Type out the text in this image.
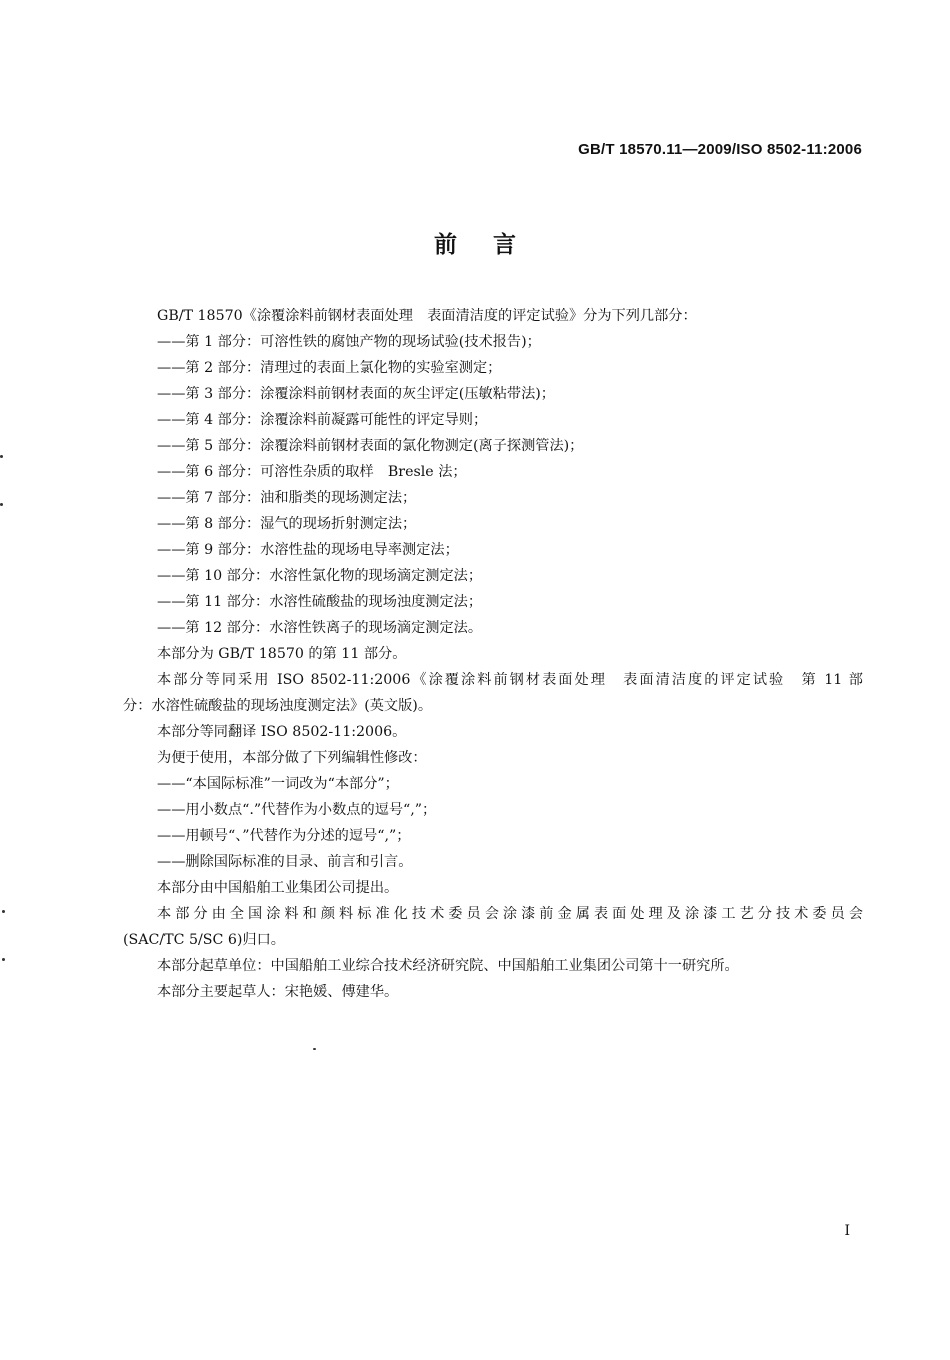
GB/T 18570.11—2009/ISO 8502-11:2006
前言

GB/T 18570《涂覆涂料前钢材表面处理　表面清洁度的评定试验》分为下列几部分：

——第 1 部分：可溶性铁的腐蚀产物的现场试验(技术报告)；

——第 2 部分：清理过的表面上氯化物的实验室测定；

——第 3 部分：涂覆涂料前钢材表面的灰尘评定(压敏粘带法)；

——第 4 部分：涂覆涂料前凝露可能性的评定导则；

——第 5 部分：涂覆涂料前钢材表面的氯化物测定(离子探测管法)；

——第 6 部分：可溶性杂质的取样　Bresle 法；

——第 7 部分：油和脂类的现场测定法；

——第 8 部分：湿气的现场折射测定法；

——第 9 部分：水溶性盐的现场电导率测定法；

——第 10 部分：水溶性氯化物的现场滴定测定法；

——第 11 部分：水溶性硫酸盐的现场浊度测定法；

——第 12 部分：水溶性铁离子的现场滴定测定法。

本部分为 GB/T 18570 的第 11 部分。

本部分等同采用 ISO 8502-11:2006《涂覆涂料前钢材表面处理　表面清洁度的评定试验　第 11 部

分：水溶性硫酸盐的现场浊度测定法》(英文版)。

本部分等同翻译 ISO 8502-11:2006。

为便于使用，本部分做了下列编辑性修改：

——“本国际标准”一词改为“本部分”；

——用小数点“.”代替作为小数点的逗号“,”；

——用顿号“、”代替作为分述的逗号“,”；

——删除国际标准的目录、前言和引言。

本部分由中国船舶工业集团公司提出。

本部分由全国涂料和颜料标准化技术委员会涂漆前金属表面处理及涂漆工艺分技术委员会

(SAC/TC 5/SC 6)归口。

本部分起草单位：中国船舶工业综合技术经济研究院、中国船舶工业集团公司第十一研究所。

本部分主要起草人：宋艳媛、傅建华。

I
